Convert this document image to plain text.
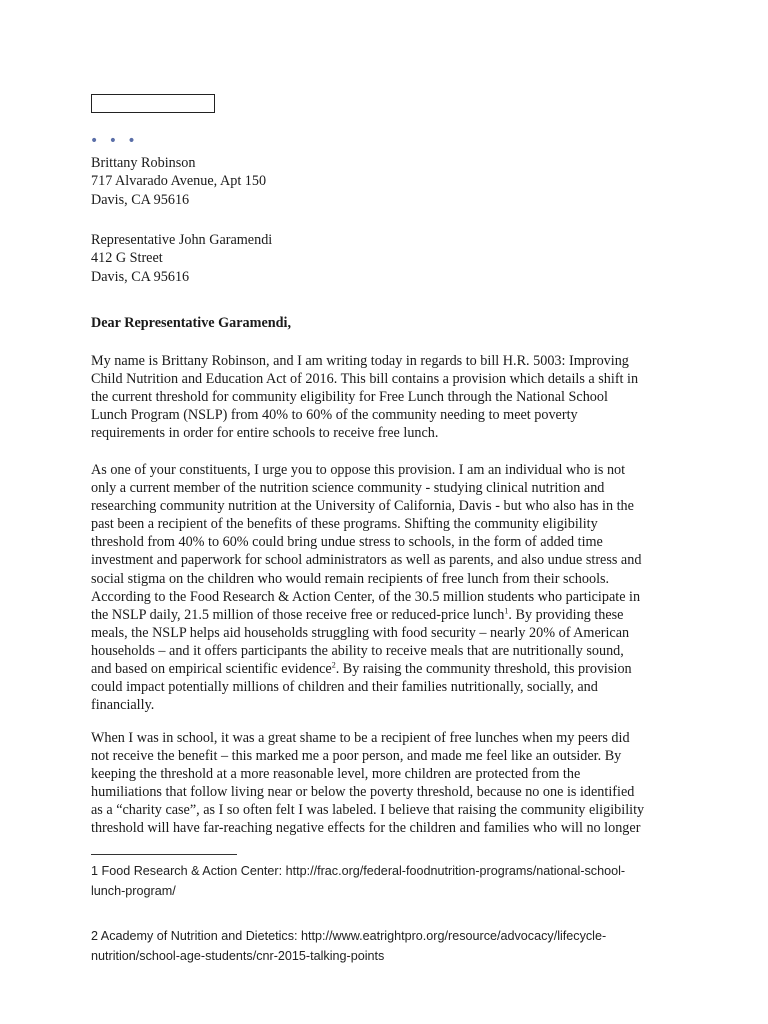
• • •
Brittany Robinson
717 Alvarado Avenue, Apt 150
Davis, CA 95616
Representative John Garamendi
412 G Street
Davis, CA 95616
Dear Representative Garamendi,
My name is Brittany Robinson, and I am writing today in regards to bill H.R. 5003: Improving
Child Nutrition and Education Act of 2016. This bill contains a provision which details a shift in
the current threshold for community eligibility for Free Lunch through the National School
Lunch Program (NSLP) from 40% to 60% of the community needing to meet poverty
requirements in order for entire schools to receive free lunch.
As one of your constituents, I urge you to oppose this provision. I am an individual who is not
only a current member of the nutrition science community - studying clinical nutrition and
researching community nutrition at the University of California, Davis - but who also has in the
past been a recipient of the benefits of these programs. Shifting the community eligibility
threshold from 40% to 60% could bring undue stress to schools, in the form of added time
investment and paperwork for school administrators as well as parents, and also undue stress and
social stigma on the children who would remain recipients of free lunch from their schools.
According to the Food Research & Action Center, of the 30.5 million students who participate in
the NSLP daily, 21.5 million of those receive free or reduced-price lunch$^1$. By providing these
meals, the NSLP helps aid households struggling with food security – nearly 20% of American
households – and it offers participants the ability to receive meals that are nutritionally sound,
and based on empirical scientific evidence$^2$. By raising the community threshold, this provision
could impact potentially millions of children and their families nutritionally, socially, and
financially.
When I was in school, it was a great shame to be a recipient of free lunches when my peers did
not receive the benefit – this marked me a poor person, and made me feel like an outsider. By
keeping the threshold at a more reasonable level, more children are protected from the
humiliations that follow living near or below the poverty threshold, because no one is identified
as a “charity case”, as I so often felt I was labeled. I believe that raising the community eligibility
threshold will have far-reaching negative effects for the children and families who will no longer
1 Food Research & Action Center: http://frac.org/federal-foodnutrition-programs/national-school-
lunch-program/
2 Academy of Nutrition and Dietetics: http://www.eatrightpro.org/resource/advocacy/lifecycle-
nutrition/school-age-students/cnr-2015-talking-points
